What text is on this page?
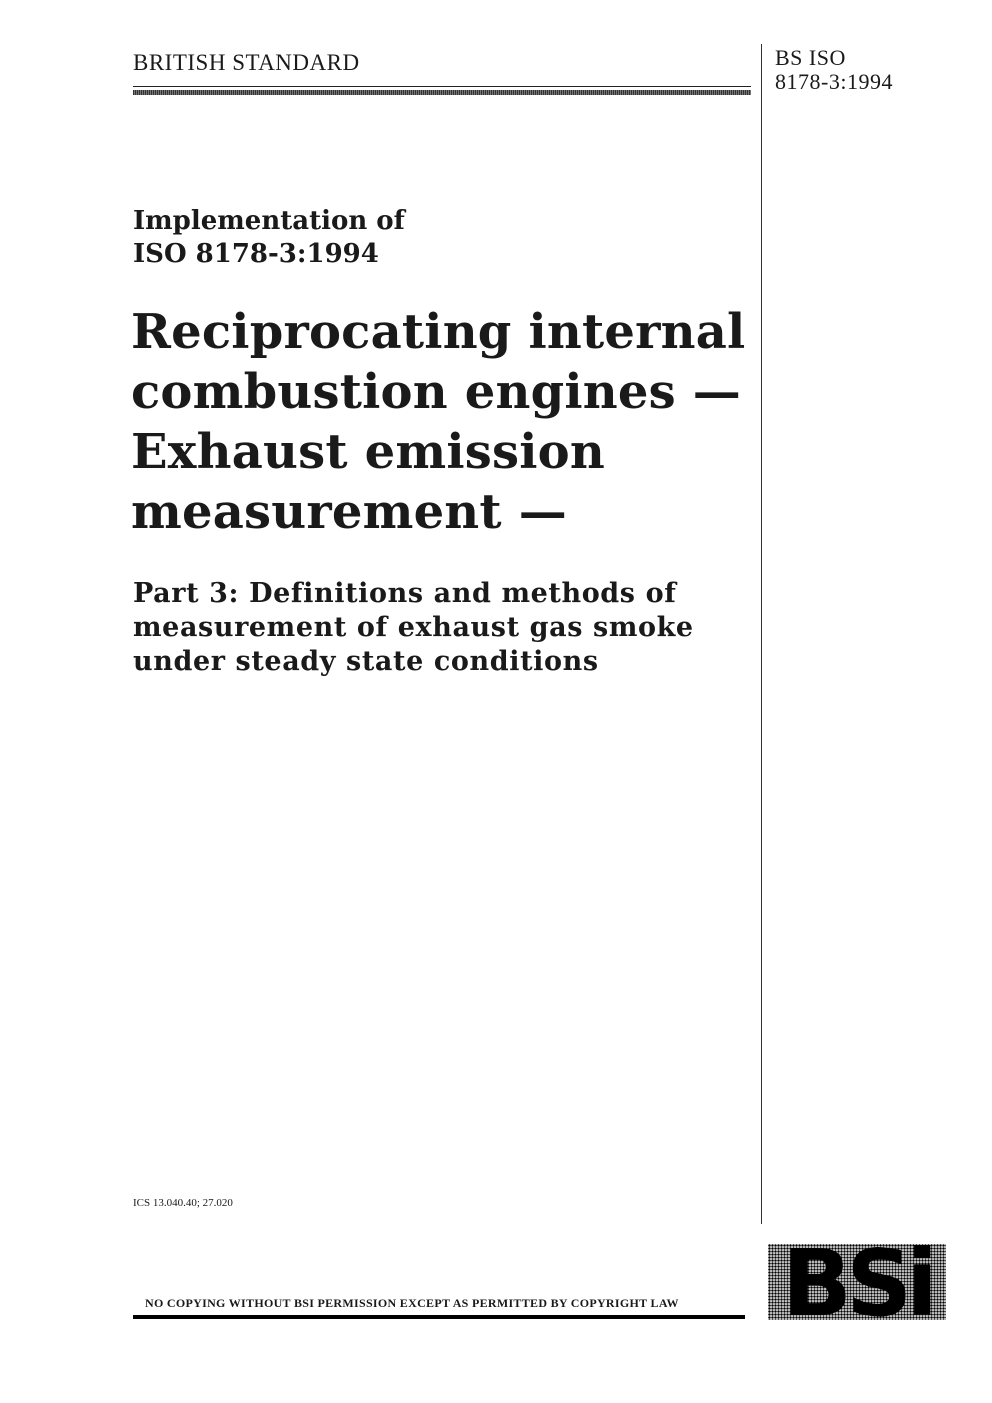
BRITISH STANDARD	BS ISO
8178-3:1994
Implementation of
ISO 8178-3:1994
Reciprocating internal
combustion engines —
Exhaust emission
measurement —
Part 3: Definitions and methods of
measurement of exhaust gas smoke
under steady state conditions
ICS 13.040.40; 27.020
NO COPYING WITHOUT BSI PERMISSION EXCEPT AS PERMITTED BY COPYRIGHT LAW BSi
